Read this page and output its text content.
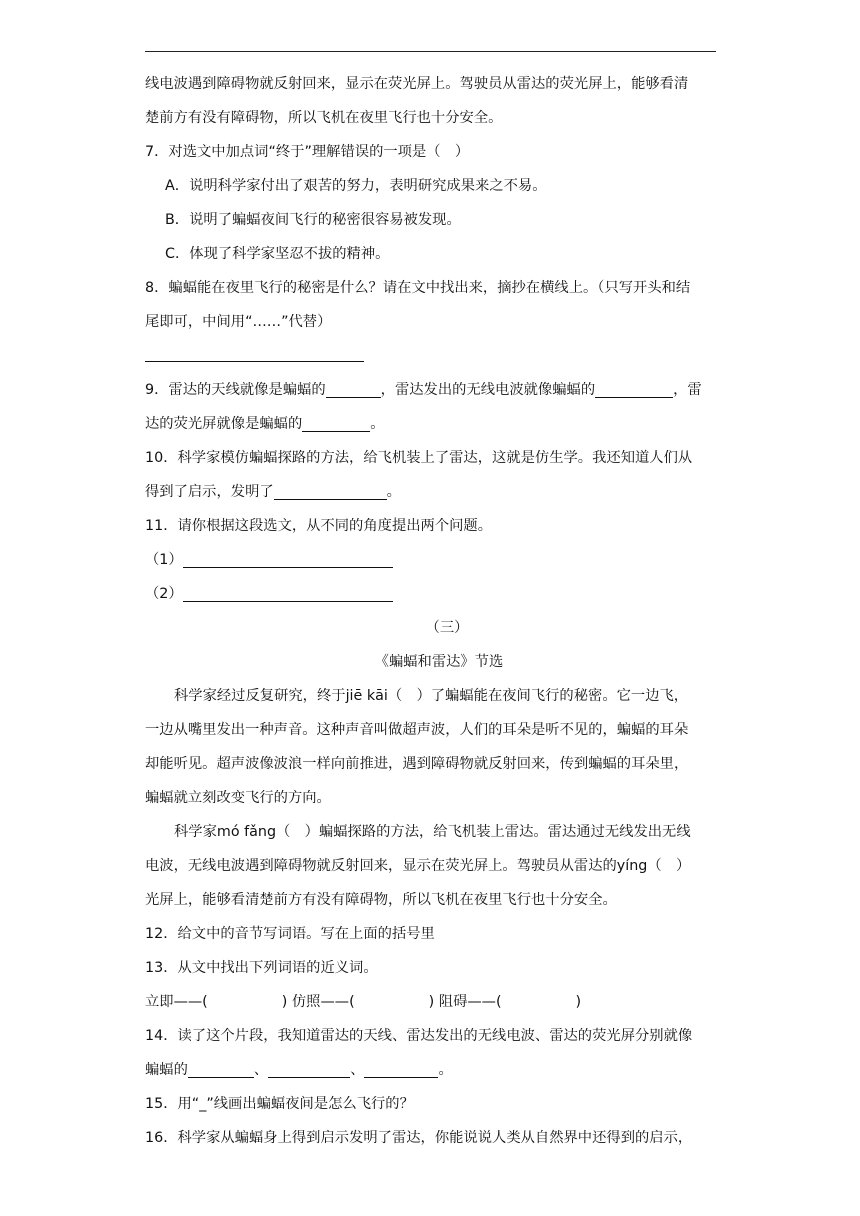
线电波遇到障碍物就反射回来，显示在荧光屏上。驾驶员从雷达的荧光屏上，能够看清
楚前方有没有障碍物，所以飞机在夜里飞行也十分安全。
7．对选文中加点词“终于”理解错误的一项是（　）
A．说明科学家付出了艰苦的努力，表明研究成果来之不易。
B．说明了蝙蝠夜间飞行的秘密很容易被发现。
C．体现了科学家坚忍不拔的精神。
8．蝙蝠能在夜里飞行的秘密是什么？请在文中找出来，摘抄在横线上。（只写开头和结
尾即可，中间用“……”代替）
9．雷达的天线就像是蝙蝠的	，雷达发出的无线电波就像蝙蝠的	，雷
达的荧光屏就像是蝙蝠的	。
10．科学家模仿蝙蝠探路的方法，给飞机装上了雷达，这就是仿生学。我还知道人们从
得到了启示，发明了	。
11．请你根据这段选文，从不同的角度提出两个问题。
（1）
（2）
（三）
《蝙蝠和雷达》节选
科学家经过反复研究，终于jiē kāi（　）了蝙蝠能在夜间飞行的秘密。它一边飞，
一边从嘴里发出一种声音。这种声音叫做超声波，人们的耳朵是听不见的，蝙蝠的耳朵
却能听见。超声波像波浪一样向前推进，遇到障碍物就反射回来，传到蝙蝠的耳朵里，
蝙蝠就立刻改变飞行的方向。
科学家mó fǎng（　）蝙蝠探路的方法，给飞机装上雷达。雷达通过无线发出无线
电波，无线电波遇到障碍物就反射回来，显示在荧光屏上。驾驶员从雷达的yíng（　）
光屏上，能够看清楚前方有没有障碍物，所以飞机在夜里飞行也十分安全。
12．给文中的音节写词语。写在上面的括号里
13．从文中找出下列词语的近义词。
立即——(	) 仿照——(	) 阻碍——(	)
14．读了这个片段，我知道雷达的天线、雷达发出的无线电波、雷达的荧光屏分别就像
蝙蝠的	、	、	。
15．用“_”线画出蝙蝠夜间是怎么飞行的？
16．科学家从蝙蝠身上得到启示发明了雷达，你能说说人类从自然界中还得到的启示，
